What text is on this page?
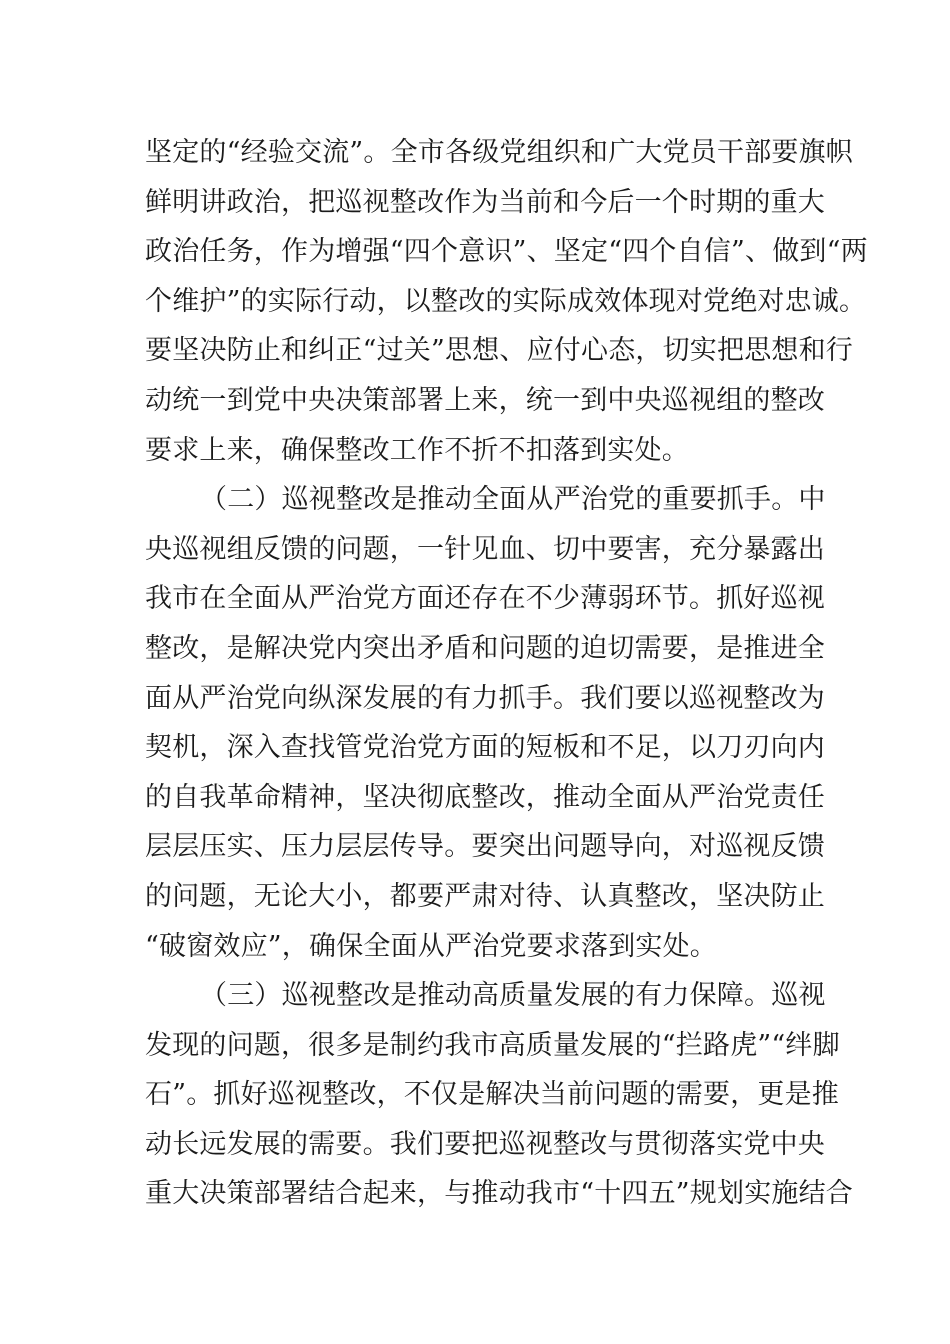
坚定的“经验交流”。全市各级党组织和广大党员干部要旗帜
鲜明讲政治，把巡视整改作为当前和今后一个时期的重大
政治任务，作为增强“四个意识”、坚定“四个自信”、做到“两
个维护”的实际行动，以整改的实际成效体现对党绝对忠诚。
要坚决防止和纠正“过关”思想、应付心态，切实把思想和行
动统一到党中央决策部署上来，统一到中央巡视组的整改
要求上来，确保整改工作不折不扣落到实处。
（二）巡视整改是推动全面从严治党的重要抓手。中
央巡视组反馈的问题，一针见血、切中要害，充分暴露出
我市在全面从严治党方面还存在不少薄弱环节。抓好巡视
整改，是解决党内突出矛盾和问题的迫切需要，是推进全
面从严治党向纵深发展的有力抓手。我们要以巡视整改为
契机，深入查找管党治党方面的短板和不足，以刀刃向内
的自我革命精神，坚决彻底整改，推动全面从严治党责任
层层压实、压力层层传导。要突出问题导向，对巡视反馈
的问题，无论大小，都要严肃对待、认真整改，坚决防止
“破窗效应”，确保全面从严治党要求落到实处。
（三）巡视整改是推动高质量发展的有力保障。巡视
发现的问题，很多是制约我市高质量发展的“拦路虎”“绊脚
石”。抓好巡视整改，不仅是解决当前问题的需要，更是推
动长远发展的需要。我们要把巡视整改与贯彻落实党中央
重大决策部署结合起来，与推动我市“十四五”规划实施结合
